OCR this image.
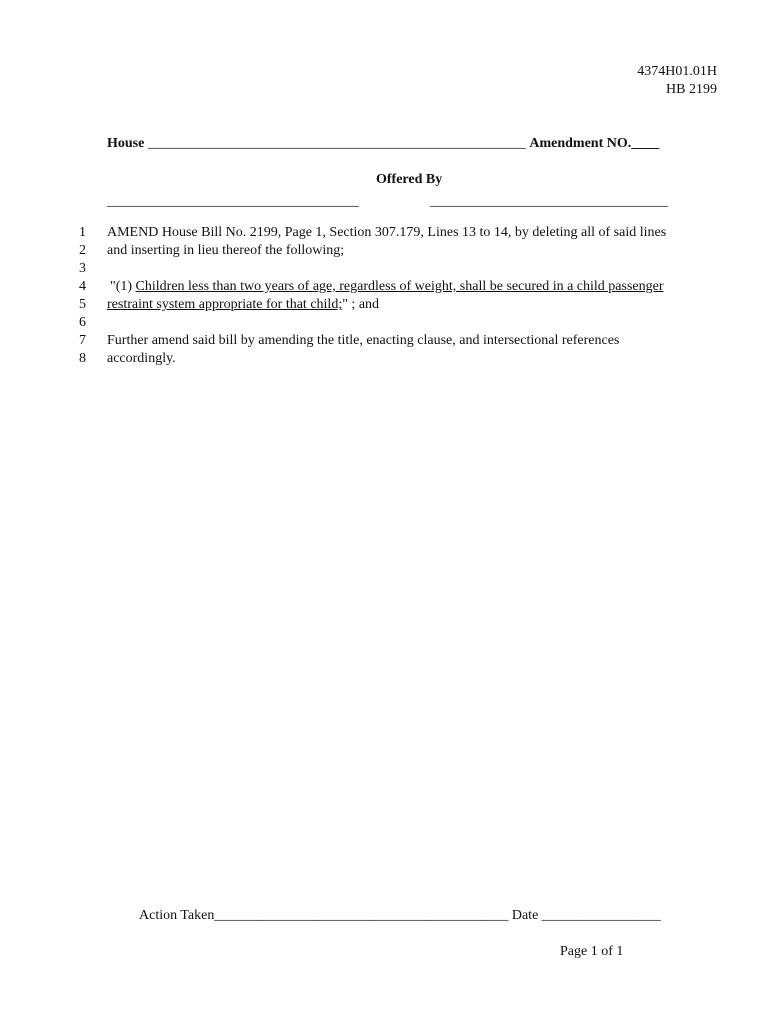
4374H01.01H
HB 2199
House ______________________________________________________ Amendment NO.____
Offered By
____________________________________	__________________________________
1
2
3
4
5
6
7
8
AMEND House Bill No. 2199, Page 1, Section 307.179, Lines 13 to 14, by deleting all of said lines
and inserting in lieu thereof the following;
"(1) Children less than two years of age, regardless of weight, shall be secured in a child passenger
restraint system appropriate for that child;" ; and
Further amend said bill by amending the title, enacting clause, and intersectional references
accordingly.
Action Taken__________________________________________ Date _________________
Page 1 of 1
